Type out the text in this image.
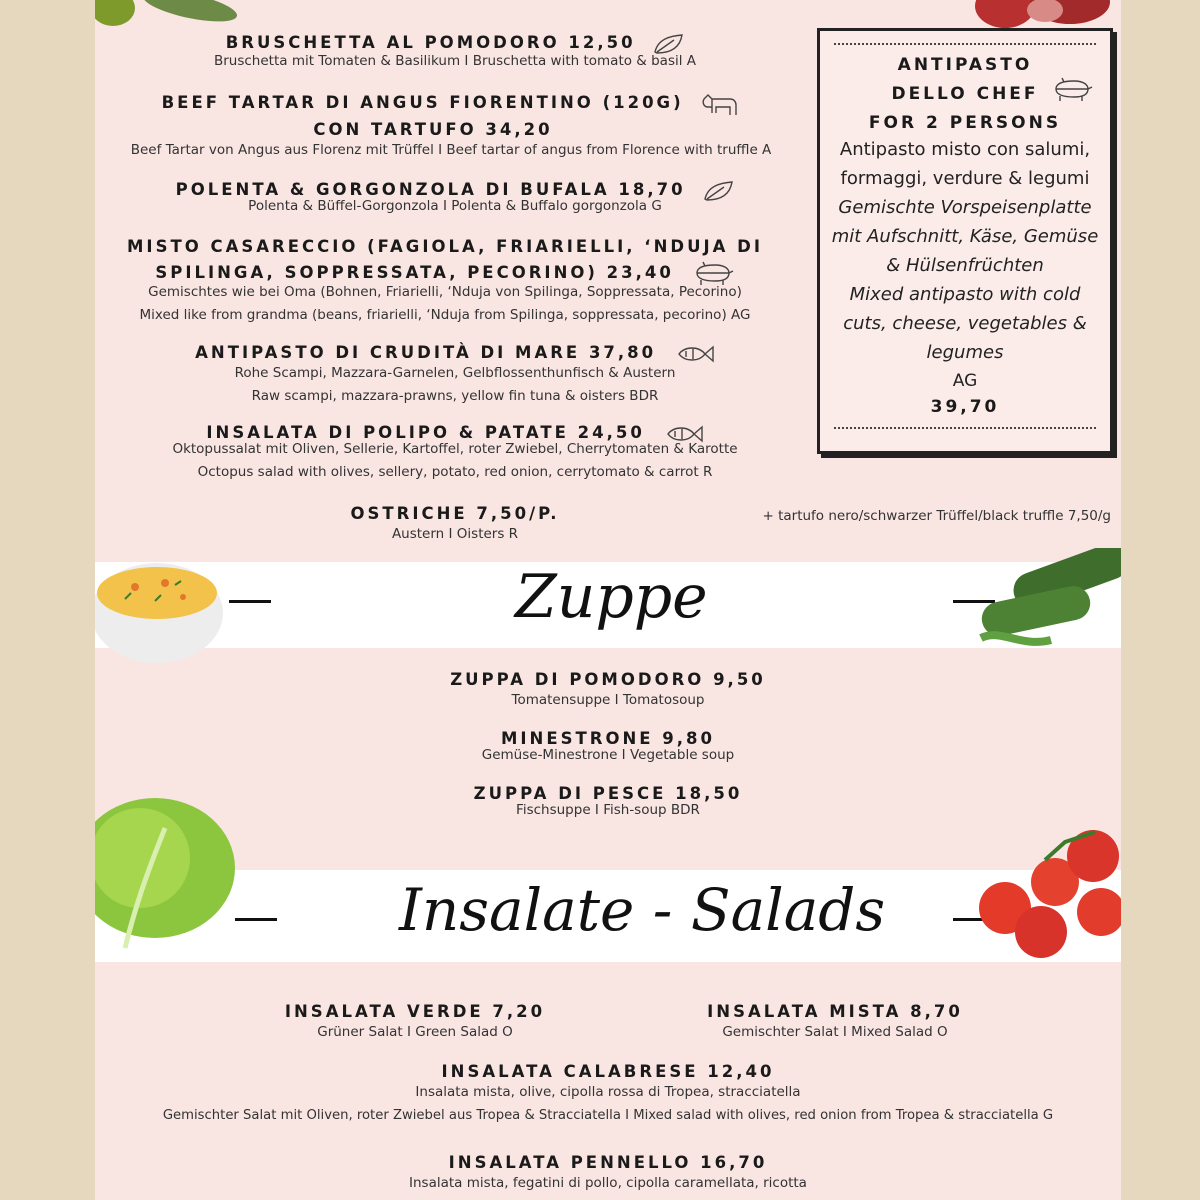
BRUSCHETTA AL POMODORO 12,50
Bruschetta mit Tomaten & Basilikum I Bruschetta with tomato & basil A
BEEF TARTAR DI ANGUS FIORENTINO (120G)
CON TARTUFO 34,20
Beef Tartar von Angus aus Florenz mit Trüffel I Beef tartar of angus from Florence with truffle A
POLENTA & GORGONZOLA DI BUFALA 18,70
Polenta & Büffel-Gorgonzola I Polenta & Buffalo gorgonzola G
MISTO CASARECCIO (FAGIOLA, FRIARIELLI, ‘NDUJA DI
SPILINGA, SOPPRESSATA, PECORINO) 23,40
Gemischtes wie bei Oma (Bohnen, Friarielli, ‘Nduja von Spilinga, Soppressata, Pecorino)
Mixed like from grandma (beans, friarielli, ‘Nduja from Spilinga, soppressata, pecorino) AG
ANTIPASTO DI CRUDITÀ DI MARE 37,80
Rohe Scampi, Mazzara-Garnelen, Gelbflossenthunfisch & Austern
Raw scampi, mazzara-prawns, yellow fin tuna & oisters BDR
INSALATA DI POLIPO & PATATE 24,50
Oktopussalat mit Oliven, Sellerie, Kartoffel, roter Zwiebel, Cherrytomaten & Karotte
Octopus salad with olives, sellery, potato, red onion, cerrytomato & carrot R
OSTRICHE 7,50/P.
Austern I Oisters R
+ tartufo nero/schwarzer Trüffel/black truffle 7,50/g
ANTIPASTO
DELLO CHEF
FOR 2 PERSONS
Antipasto misto con salumi,
formaggi, verdure & legumi
Gemischte Vorspeisenplatte
mit Aufschnitt, Käse, Gemüse
& Hülsenfrüchten
Mixed antipasto with cold
cuts, cheese, vegetables &
legumes
AG
39,70
Zuppe
ZUPPA DI POMODORO 9,50
Tomatensuppe I Tomatosoup
MINESTRONE 9,80
Gemüse-Minestrone I Vegetable soup
ZUPPA DI PESCE 18,50
Fischsuppe I Fish-soup BDR
Insalate - Salads
INSALATA VERDE 7,20
Grüner Salat I Green Salad O
INSALATA MISTA 8,70
Gemischter Salat I Mixed Salad O
INSALATA CALABRESE 12,40
Insalata mista, olive, cipolla rossa di Tropea, stracciatella
Gemischter Salat mit Oliven, roter Zwiebel aus Tropea & Stracciatella I Mixed salad with olives, red onion from Tropea & stracciatella G
INSALATA PENNELLO 16,70
Insalata mista, fegatini di pollo, cipolla caramellata, ricotta
